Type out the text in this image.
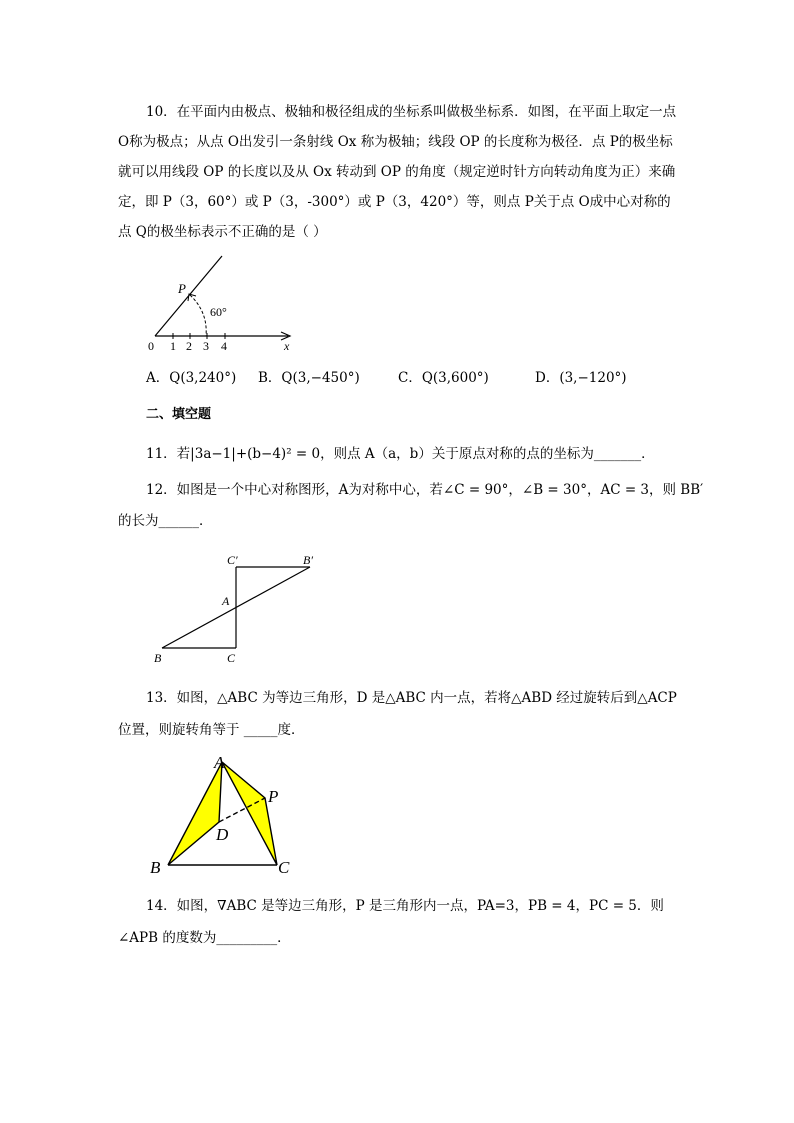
10．在平面内由极点、极轴和极径组成的坐标系叫做极坐标系．如图，在平面上取定一点 O称为极点；从点 O出发引一条射线 Ox 称为极轴；线段 OP 的长度称为极径．点 P的极坐标就可以用线段 OP 的长度以及从 Ox 转动到 OP 的角度（规定逆时针方向转动角度为正）来确定，即 P（3，60°）或 P（3，-300°）或 P（3，420°）等，则点 P关于点 O成中心对称的点 Q的极坐标表示不正确的是（ ）
P
60°
0 1 2 3 4	x
A．Q(3,240°) B．Q(3,−450°)	C．Q(3,600°)	D．(3,−120°)
二、填空题
11．若|3a−1|+(b−4)² = 0，则点 A（a，b）关于原点对称的点的坐标为_______．
12．如图是一个中心对称图形，A为对称中心，若∠C = 90°，∠B = 30°，AC = 3，则 BB′
的长为______．
C′	B′
A
B	C
13．如图，△ABC 为等边三角形，D 是△ABC 内一点，若将△ABD 经过旋转后到△ACP
位置，则旋转角等于 _____度．
A
P
D
B	C
14．如图，∇ABC 是等边三角形，P 是三角形内一点，PA=3，PB = 4，PC = 5．则
∠APB 的度数为_________．
